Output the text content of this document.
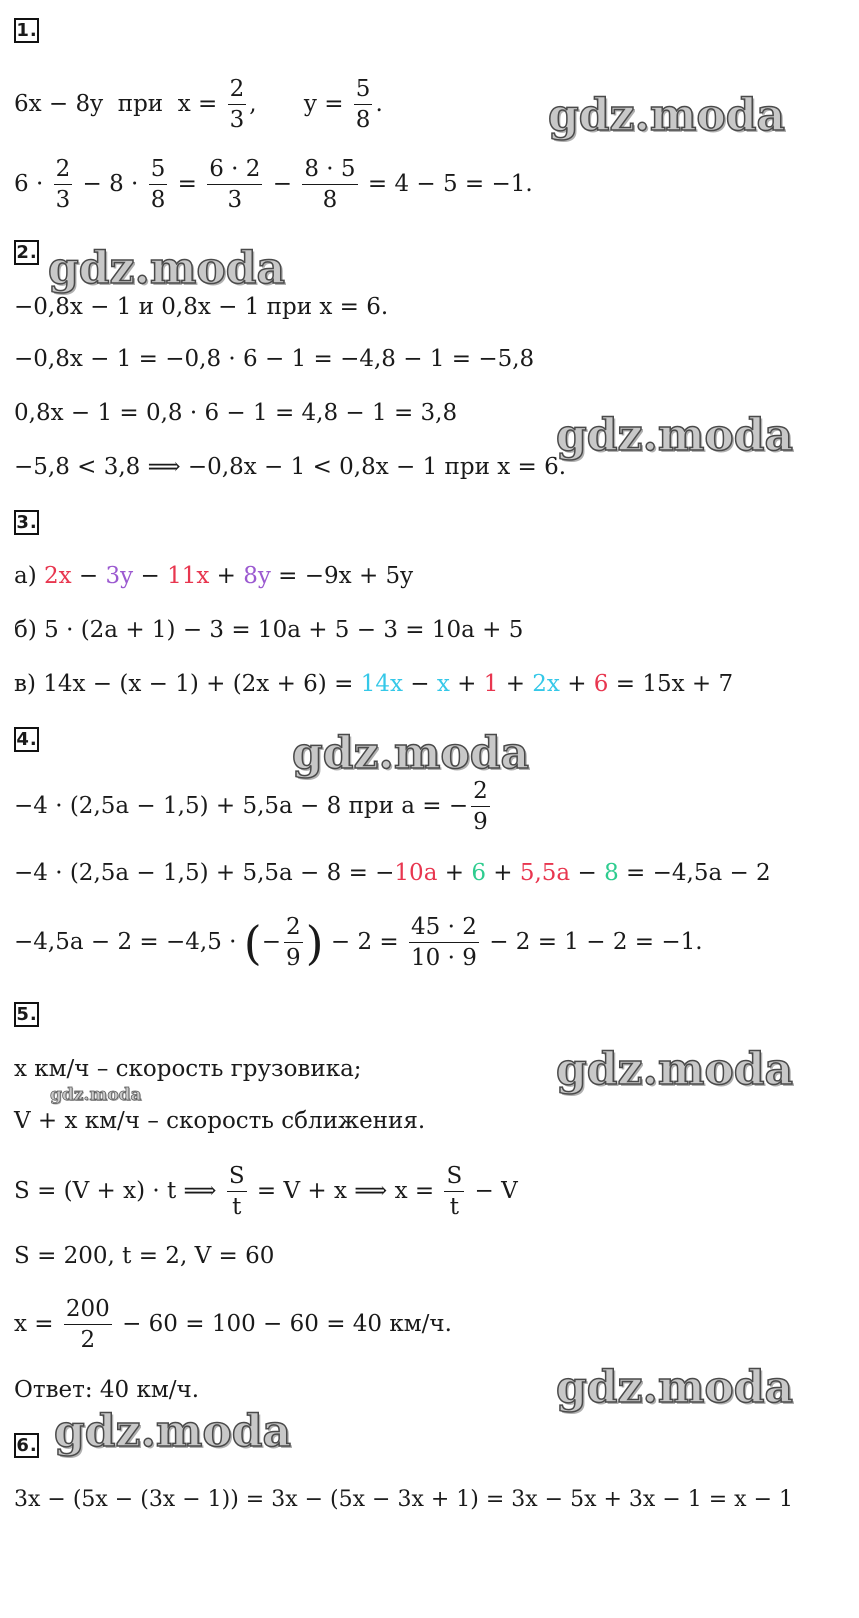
1 .
6x − 8y при $x = \frac{2}{3}$ , $y = \frac{5}{8}$ .
$6 \cdot \frac{2}{3} - 8 \cdot \frac{5}{8} = \frac{6 \cdot 2}{3} - \frac{8 \cdot 5}{8} = 4 - 5 = -1$.
2 .
−0,8x − 1 и 0,8x − 1 при x = 6.
−0,8x − 1 = −0,8 · 6 − 1 = −4,8 − 1 = −5,8
0,8x − 1 = 0,8 · 6 − 1 = 4,8 − 1 = 3,8
−5,8 < 3,8 ⟹ −0,8x − 1 < 0,8x − 1 при x = 6.
3 .
а) 2x − 3y − 11x + 8y = −9x + 5y
б) 5 · (2a + 1) − 3 = 10a + 5 − 3 = 10a + 5
в) 14x − (x − 1) + (2x + 6) = 14x − x + 1 + 2x + 6 = 15x + 7
4 .
−4 · (2,5a − 1,5) + 5,5a − 8 при a = − $\frac{2}{9}$
−4 · (2,5a − 1,5) + 5,5a − 8 = −10a + 6 + 5,5a − 8 = −4,5a − 2
−4,5a − 2 = −4,5 · (− $\frac{2}{9}$ ) − $2 = \frac{45 \cdot 2}{10 \cdot 9} - 2 = 1 - 2 = -1$.
5 .
x км/ч – скорость грузовика;
V + x км/ч – скорость сближения.
S = (V + x) · t ⟹ $\frac{S}{t} = V + x$ ⟹ $x = \frac{S}{t} - V$
S = 200, t = 2, V = 60
$x = \frac{200}{2} - 60 = 100 - 60 = 40$ км/ч.
Ответ: 40 км/ч.
6 .
3x − (5x − (3x − 1)) = 3x − (5x − 3x + 1) = 3x − 5x + 3x − 1 = x − 1
gdz.moda
gdz.moda
gdz.moda
gdz.moda
gdz.moda
gdz.moda
gdz.moda
gdz.moda
